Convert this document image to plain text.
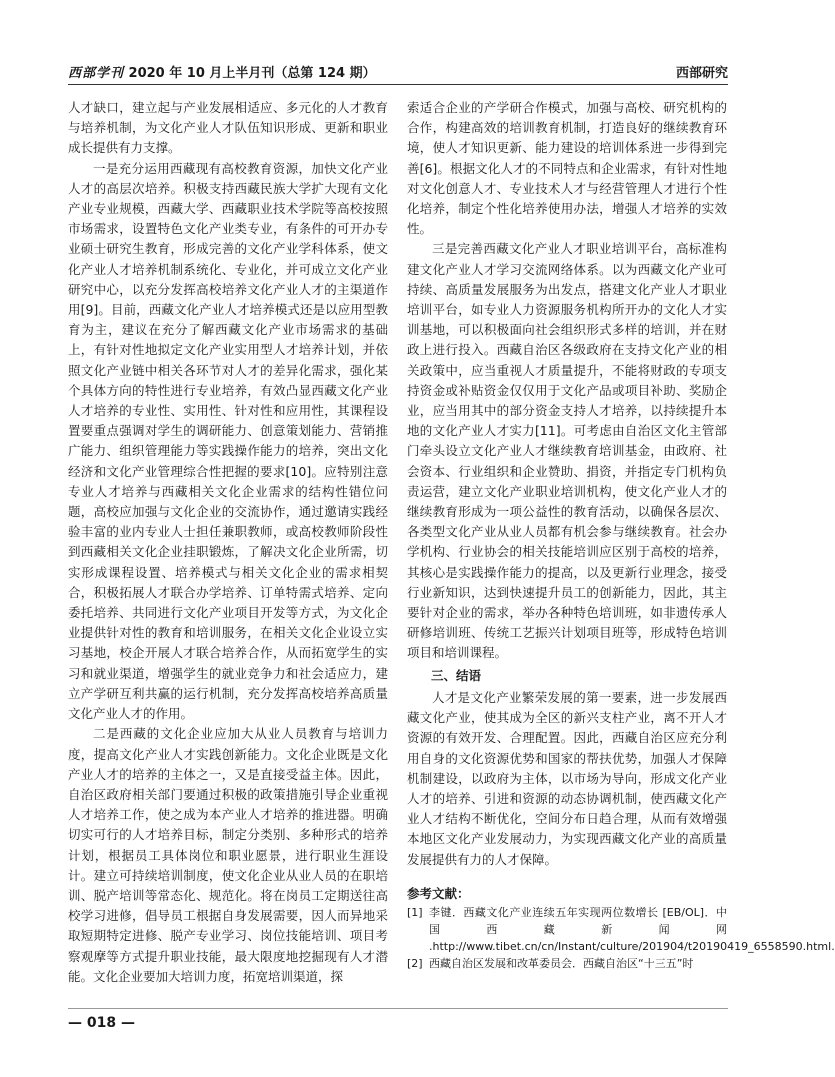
西部学刊 2020 年 10 月上半月刊（总第 124 期）	西部研究

人才缺口，建立起与产业发展相适应、多元化的人才教育与培养机制，为文化产业人才队伍知识形成、更新和职业成长提供有力支撑。

一是充分运用西藏现有高校教育资源，加快文化产业人才的高层次培养。积极支持西藏民族大学扩大现有文化产业专业规模，西藏大学、西藏职业技术学院等高校按照市场需求，设置特色文化产业类专业，有条件的可开办专业硕士研究生教育，形成完善的文化产业学科体系，使文化产业人才培养机制系统化、专业化，并可成立文化产业研究中心，以充分发挥高校培养文化产业人才的主渠道作用[9]。目前，西藏文化产业人才培养模式还是以应用型教育为主，建议在充分了解西藏文化产业市场需求的基础上，有针对性地拟定文化产业实用型人才培养计划，并依照文化产业链中相关各环节对人才的差异化需求，强化某个具体方向的特性进行专业培养，有效凸显西藏文化产业人才培养的专业性、实用性、针对性和应用性，其课程设置要重点强调对学生的调研能力、创意策划能力、营销推广能力、组织管理能力等实践操作能力的培养，突出文化经济和文化产业管理综合性把握的要求[10]。应特别注意专业人才培养与西藏相关文化企业需求的结构性错位问题，高校应加强与文化企业的交流协作，通过邀请实践经验丰富的业内专业人士担任兼职教师，或高校教师阶段性到西藏相关文化企业挂职锻炼，了解决文化企业所需，切实形成课程设置、培养模式与相关文化企业的需求相契合，积极拓展人才联合办学培养、订单特需式培养、定向委托培养、共同进行文化产业项目开发等方式，为文化企业提供针对性的教育和培训服务，在相关文化企业设立实习基地，校企开展人才联合培养合作，从而拓宽学生的实习和就业渠道，增强学生的就业竞争力和社会适应力，建立产学研互利共赢的运行机制，充分发挥高校培养高质量文化产业人才的作用。

二是西藏的文化企业应加大从业人员教育与培训力度，提高文化产业人才实践创新能力。文化企业既是文化产业人才的培养的主体之一，又是直接受益主体。因此，自治区政府相关部门要通过积极的政策措施引导企业重视人才培养工作，使之成为本产业人才培养的推进器。明确切实可行的人才培养目标，制定分类别、多种形式的培养计划，根据员工具体岗位和职业愿景，进行职业生涯设计。建立可持续培训制度，使文化企业从业人员的在职培训、脱产培训等常态化、规范化。将在岗员工定期送往高校学习进修，倡导员工根据自身发展需要，因人而异地采取短期特定进修、脱产专业学习、岗位技能培训、项目考察观摩等方式提升职业技能，最大限度地挖掘现有人才潜能。文化企业要加大培训力度，拓宽培训渠道，探

索适合企业的产学研合作模式，加强与高校、研究机构的合作，构建高效的培训教育机制，打造良好的继续教育环境，使人才知识更新、能力建设的培训体系进一步得到完善[6]。根据文化人才的不同特点和企业需求，有针对性地对文化创意人才、专业技术人才与经营管理人才进行个性化培养，制定个性化培养使用办法，增强人才培养的实效性。

三是完善西藏文化产业人才职业培训平台，高标准构建文化产业人才学习交流网络体系。以为西藏文化产业可持续、高质量发展服务为出发点，搭建文化产业人才职业培训平台，如专业人力资源服务机构所开办的文化人才实训基地，可以积极面向社会组织形式多样的培训，并在财政上进行投入。西藏自治区各级政府在支持文化产业的相关政策中，应当重视人才质量提升，不能将财政的专项支持资金或补贴资金仅仅用于文化产品或项目补助、奖励企业，应当用其中的部分资金支持人才培养，以持续提升本地的文化产业人才实力[11]。可考虑由自治区文化主管部门牵头设立文化产业人才继续教育培训基金，由政府、社会资本、行业组织和企业赞助、捐资，并指定专门机构负责运营，建立文化产业职业培训机构，使文化产业人才的继续教育形成为一项公益性的教育活动，以确保各层次、各类型文化产业从业人员都有机会参与继续教育。社会办学机构、行业协会的相关技能培训应区别于高校的培养，其核心是实践操作能力的提高，以及更新行业理念，接受行业新知识，达到快速提升员工的创新能力，因此，其主要针对企业的需求，举办各种特色培训班，如非遗传承人研修培训班、传统工艺振兴计划项目班等，形成特色培训项目和培训课程。

三、结语

人才是文化产业繁荣发展的第一要素，进一步发展西藏文化产业，使其成为全区的新兴支柱产业，离不开人才资源的有效开发、合理配置。因此，西藏自治区应充分利用自身的文化资源优势和国家的帮扶优势，加强人才保障机制建设，以政府为主体，以市场为导向，形成文化产业人才的培养、引进和资源的动态协调机制，使西藏文化产业人才结构不断优化，空间分布日趋合理，从而有效增强本地区文化产业发展动力，为实现西藏文化产业的高质量发展提供有力的人才保障。

参考文献：

[1] 李键．西藏文化产业连续五年实现两位数增长 [EB/OL]．中国西藏新闻网 .http://www.tibet.cn/cn/Instant/culture/201904/t20190419_6558590.html.

[2] 西藏自治区发展和改革委员会．西藏自治区“十三五”时

— 018 —
